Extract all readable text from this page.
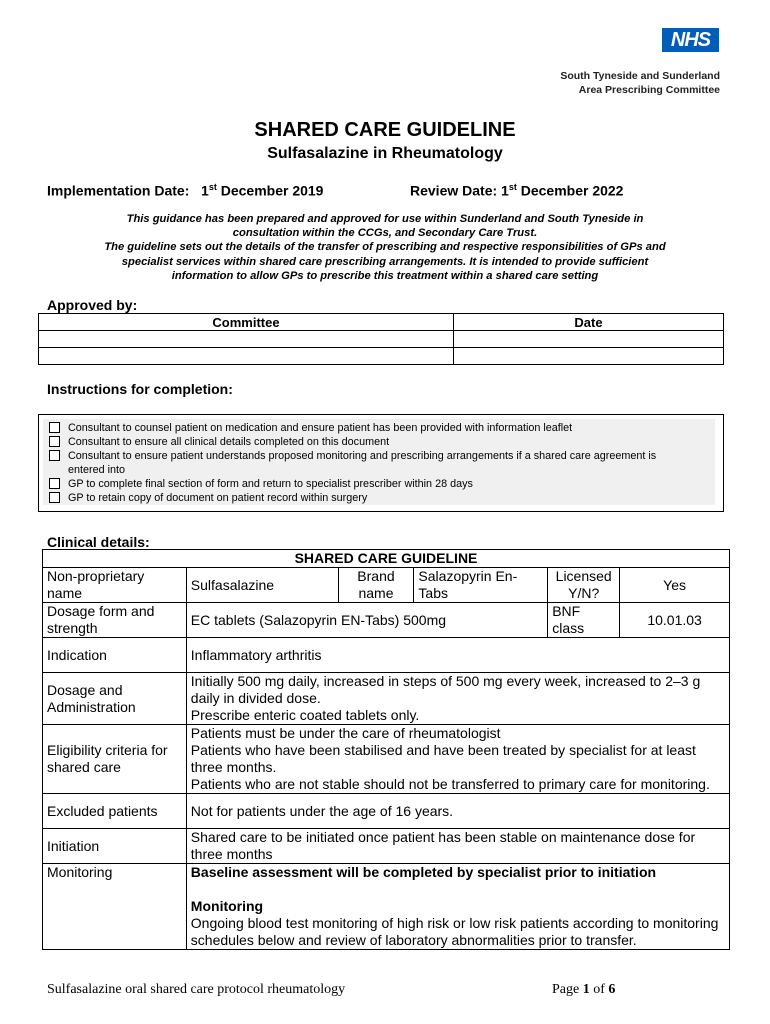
NHS
South Tyneside and Sunderland
Area Prescribing Committee
SHARED CARE GUIDELINE
Sulfasalazine in Rheumatology
Implementation Date: 1st December 2019	Review Date: 1st December 2022
This guidance has been prepared and approved for use within Sunderland and South Tyneside in
consultation within the CCGs, and Secondary Care Trust.
The guideline sets out the details of the transfer of prescribing and respective responsibilities of GPs and
specialist services within shared care prescribing arrangements. It is intended to provide sufficient
information to allow GPs to prescribe this treatment within a shared care setting
Approved by:
Committee	Date

Instructions for completion:
Consultant to counsel patient on medication and ensure patient has been provided with information leaflet
Consultant to ensure all clinical details completed on this document
Consultant to ensure patient understands proposed monitoring and prescribing arrangements if a shared care agreement is entered into
GP to complete final section of form and return to specialist prescriber within 28 days
GP to retain copy of document on patient record within surgery
Clinical details:
SHARED CARE GUIDELINE					
Non-proprietary name	Sulfasalazine	Brand name	Salazopyrin En-Tabs	Licensed Y/N?	Yes
Dosage form and strength	EC tablets (Salazopyrin EN-Tabs) 500mg			BNF class	10.01.03
Indication	Inflammatory arthritis				
Dosage and Administration	Initially 500 mg daily, increased in steps of 500 mg every week, increased to 2–3 g daily in divided dose.
Prescribe enteric coated tablets only.				

Eligibility criteria for shared care	Patients must be under the care of rheumatologist
Patients who have been stabilised and have been treated by specialist for at least three months.
Patients who are not stable should not be transferred to primary care for monitoring.				

Excluded patients	Not for patients under the age of 16 years.				
Initiation	Shared care to be initiated once patient has been stable on maintenance dose for three months				
Monitoring	Baseline assessment will be completed by specialist prior to initiation
Monitoring
Ongoing blood test monitoring of high risk or low risk patients according to monitoring schedules below and review of laboratory abnormalities prior to transfer.				
Sulfasalazine oral shared care protocol rheumatology	Page 1 of 6
